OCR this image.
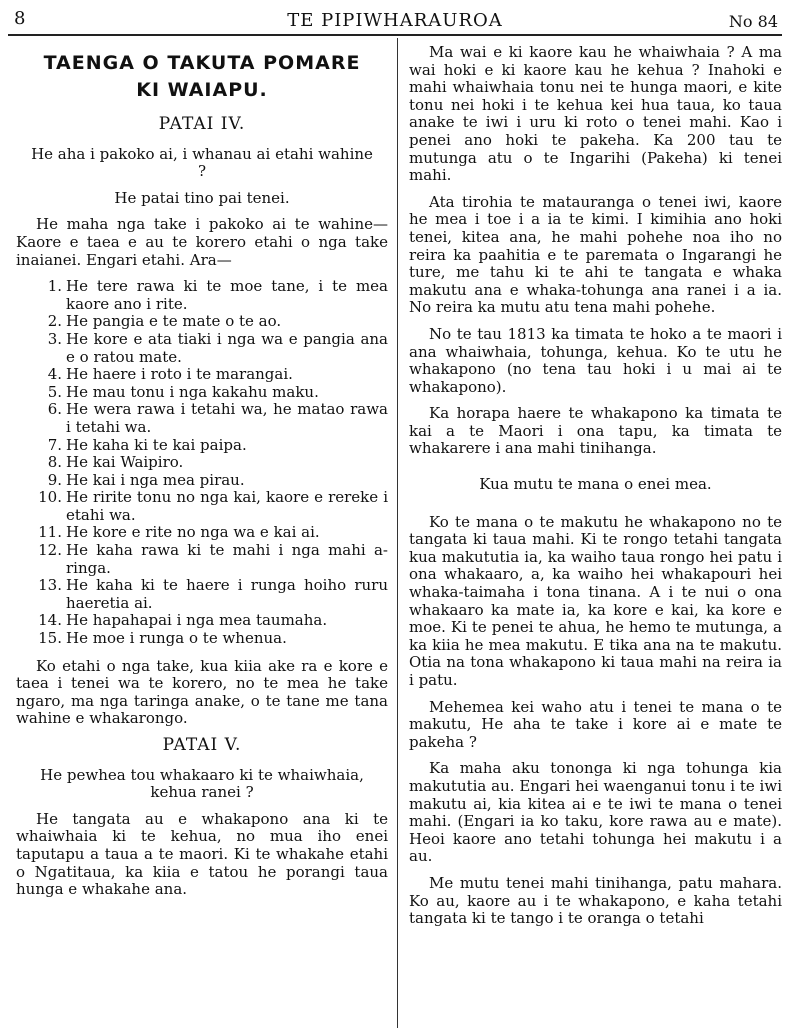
8	TE PIPIWHARAUROA	No 84
TAENGA O TAKUTA POMARE
KI WAIAPU.
PATAI IV.

He aha i pakoko ai, i whanau ai etahi wahine ?

He patai tino pai tenei.

He maha nga take i pakoko ai te wahine— Kaore e taea e au te korero etahi o nga take inaianei. Engari etahi. Ara—

1. He tere rawa ki te moe tane, i te mea kaore ano i rite.
2. He pangia e te mate o te ao.
3. He kore e ata tiaki i nga wa e pangia ana e o ratou mate.
4. He haere i roto i te marangai.
5. He mau tonu i nga kakahu maku.
6. He wera rawa i tetahi wa, he matao rawa i tetahi wa.
7. He kaha ki te kai paipa.
8. He kai Waipiro.
9. He kai i nga mea pirau.
10. He ririte tonu no nga kai, kaore e rereke i etahi wa.
11. He kore e rite no nga wa e kai ai.
12. He kaha rawa ki te mahi i nga mahi a-ringa.
13. He kaha ki te haere i runga hoiho ruru haeretia ai.
14. He hapahapai i nga mea taumaha.
15. He moe i runga o te whenua.

Ko etahi o nga take, kua kiia ake ra e kore e taea i tenei wa te korero, no te mea he take ngaro, ma nga taringa anake, o te tane me tana wahine e whakarongo.

PATAI V.

He pewhea tou whakaaro ki te whaiwhaia, kehua ranei ?

He tangata au e whakapono ana ki te whaiwhaia ki te kehua, no mua iho enei taputapu a taua a te maori. Ki te whakahe etahi o Ngatitaua, ka kiia e tatou he porangi taua hunga e whakahe ana.

Ma wai e ki kaore kau he whaiwhaia ? A ma wai hoki e ki kaore kau he kehua ? Inahoki e mahi whaiwhaia tonu nei te hunga maori, e kite tonu nei hoki i te kehua kei hua taua, ko taua anake te iwi i uru ki roto o tenei mahi. Kao i penei ano hoki te pakeha. Ka 200 tau te mutunga atu o te Ingarihi (Pakeha) ki tenei mahi.

Ata tirohia te matauranga o tenei iwi, kaore he mea i toe i a ia te kimi. I kimihia ano hoki tenei, kitea ana, he mahi pohehe noa iho no reira ka paahitia e te paremata o Ingarangi he ture, me tahu ki te ahi te tangata e whaka makutu ana e whaka-tohunga ana ranei i a ia. No reira ka mutu atu tena mahi pohehe.

No te tau 1813 ka timata te hoko a te maori i ana whaiwhaia, tohunga, kehua. Ko te utu he whakapono (no tena tau hoki i u mai ai te whakapono).

Ka horapa haere te whakapono ka timata te kai a te Maori i ona tapu, ka timata te whakarere i ana mahi tinihanga.

Kua mutu te mana o enei mea.

Ko te mana o te makutu he whakapono no te tangata ki taua mahi. Ki te rongo tetahi tangata kua makututia ia, ka waiho taua rongo hei patu i ona whakaaro, a, ka waiho hei whakapouri hei whaka-taimaha i tona tinana. A i te nui o ona whakaaro ka mate ia, ka kore e kai, ka kore e moe. Ki te penei te ahua, he hemo te mutunga, a ka kiia he mea makutu. E tika ana na te makutu. Otia na tona whakapono ki taua mahi na reira ia i patu.

Mehemea kei waho atu i tenei te mana o te makutu, He aha te take i kore ai e mate te pakeha ?

Ka maha aku tononga ki nga tohunga kia makututia au. Engari hei waenganui tonu i te iwi makutu ai, kia kitea ai e te iwi te mana o tenei mahi. (Engari ia ko taku, kore rawa au e mate). Heoi kaore ano tetahi tohunga hei makutu i a au.

Me mutu tenei mahi tinihanga, patu mahara. Ko au, kaore au i te whakapono, e kaha tetahi tangata ki te tango i te oranga o tetahi
